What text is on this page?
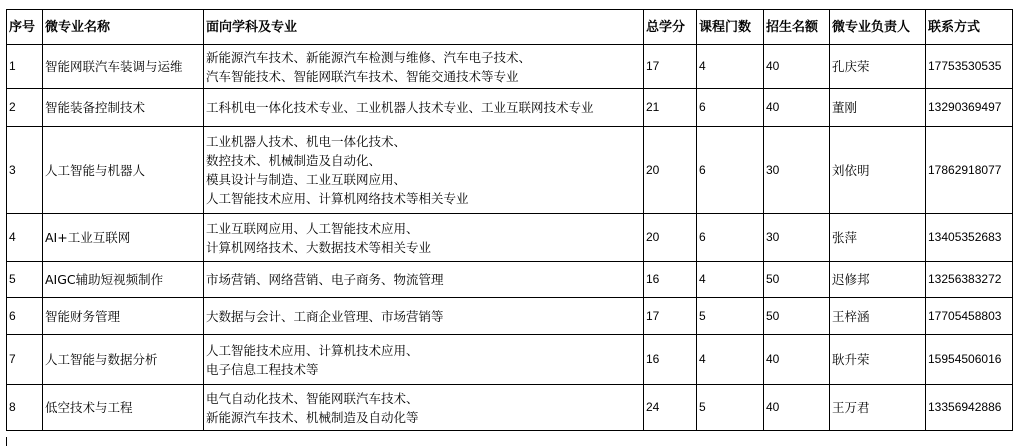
序号	微专业名称	面向学科及专业	总学分	课程门数	招生名额	微专业负责人	联系方式
1	智能网联汽车装调与运维	新能源汽车技术、新能源汽车检测与维修、汽车电子技术、
汽车智能技术、智能网联汽车技术、智能交通技术等专业	17	4	40	孔庆荣	17753530535
2	智能装备控制技术	工科机电一体化技术专业、工业机器人技术专业、工业互联网技术专业	21	6	40	董刚	13290369497
3	人工智能与机器人	工业机器人技术、机电一体化技术、
数控技术、机械制造及自动化、
模具设计与制造、工业互联网应用、
人工智能技术应用、计算机网络技术等相关专业	20	6	30	刘依明	17862918077
4	AI+工业互联网	工业互联网应用、人工智能技术应用、
计算机网络技术、大数据技术等相关专业	20	6	30	张萍	13405352683
5	AIGC辅助短视频制作	市场营销、网络营销、电子商务、物流管理	16	4	50	迟修邦	13256383272
6	智能财务管理	大数据与会计、工商企业管理、市场营销等	17	5	50	王梓涵	17705458803
7	人工智能与数据分析	人工智能技术应用、计算机技术应用、
电子信息工程技术等	16	4	40	耿升荣	15954506016
8	低空技术与工程	电气自动化技术、智能网联汽车技术、
新能源汽车技术、机械制造及自动化等	24	5	40	王万君	13356942886
